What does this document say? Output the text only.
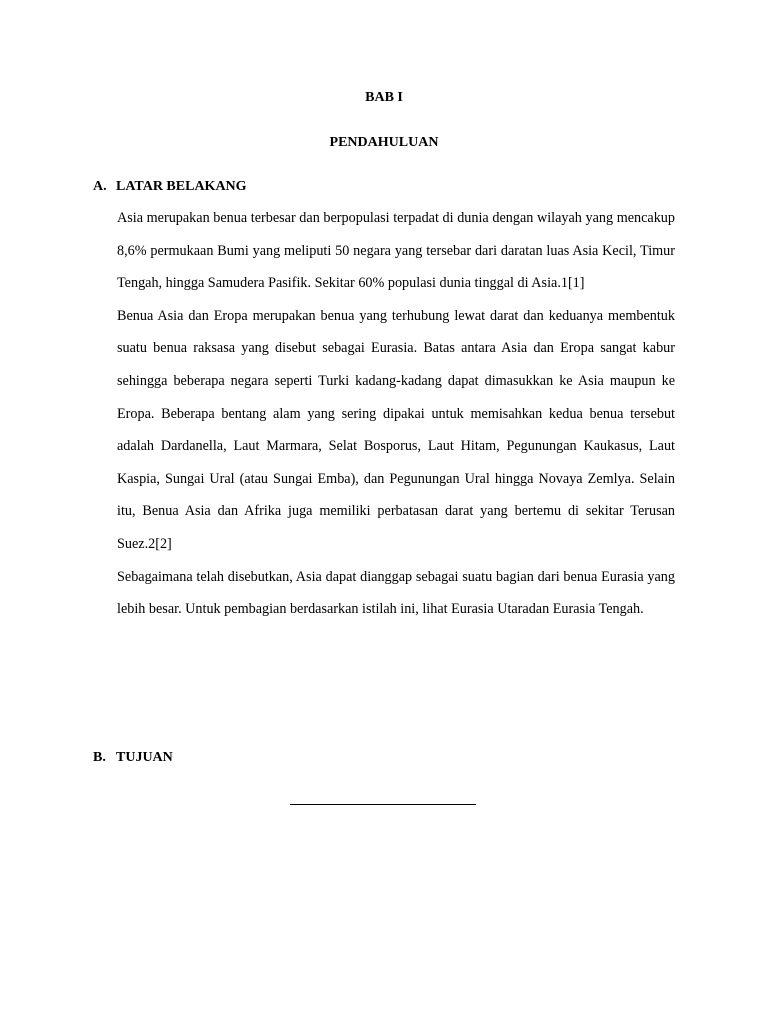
BAB I
PENDAHULUAN
A. LATAR BELAKANG

Asia merupakan benua terbesar dan berpopulasi terpadat di dunia dengan wilayah yang mencakup 8,6% permukaan Bumi yang meliputi 50 negara yang tersebar dari daratan luas Asia Kecil, Timur Tengah, hingga Samudera Pasifik. Sekitar 60% populasi dunia tinggal di Asia.1[1]

Benua Asia dan Eropa merupakan benua yang terhubung lewat darat dan keduanya membentuk suatu benua raksasa yang disebut sebagai Eurasia. Batas antara Asia dan Eropa sangat kabur sehingga beberapa negara seperti Turki kadang-kadang dapat dimasukkan ke Asia maupun ke Eropa. Beberapa bentang alam yang sering dipakai untuk memisahkan kedua benua tersebut adalah Dardanella, Laut Marmara, Selat Bosporus, Laut Hitam, Pegunungan Kaukasus, Laut Kaspia, Sungai Ural (atau Sungai Emba), dan Pegunungan Ural hingga Novaya Zemlya. Selain itu, Benua Asia dan Afrika juga memiliki perbatasan darat yang bertemu di sekitar Terusan Suez.2[2]

Sebagaimana telah disebutkan, Asia dapat dianggap sebagai suatu bagian dari benua Eurasia yang lebih besar. Untuk pembagian berdasarkan istilah ini, lihat Eurasia Utaradan Eurasia Tengah.

B. TUJUAN
